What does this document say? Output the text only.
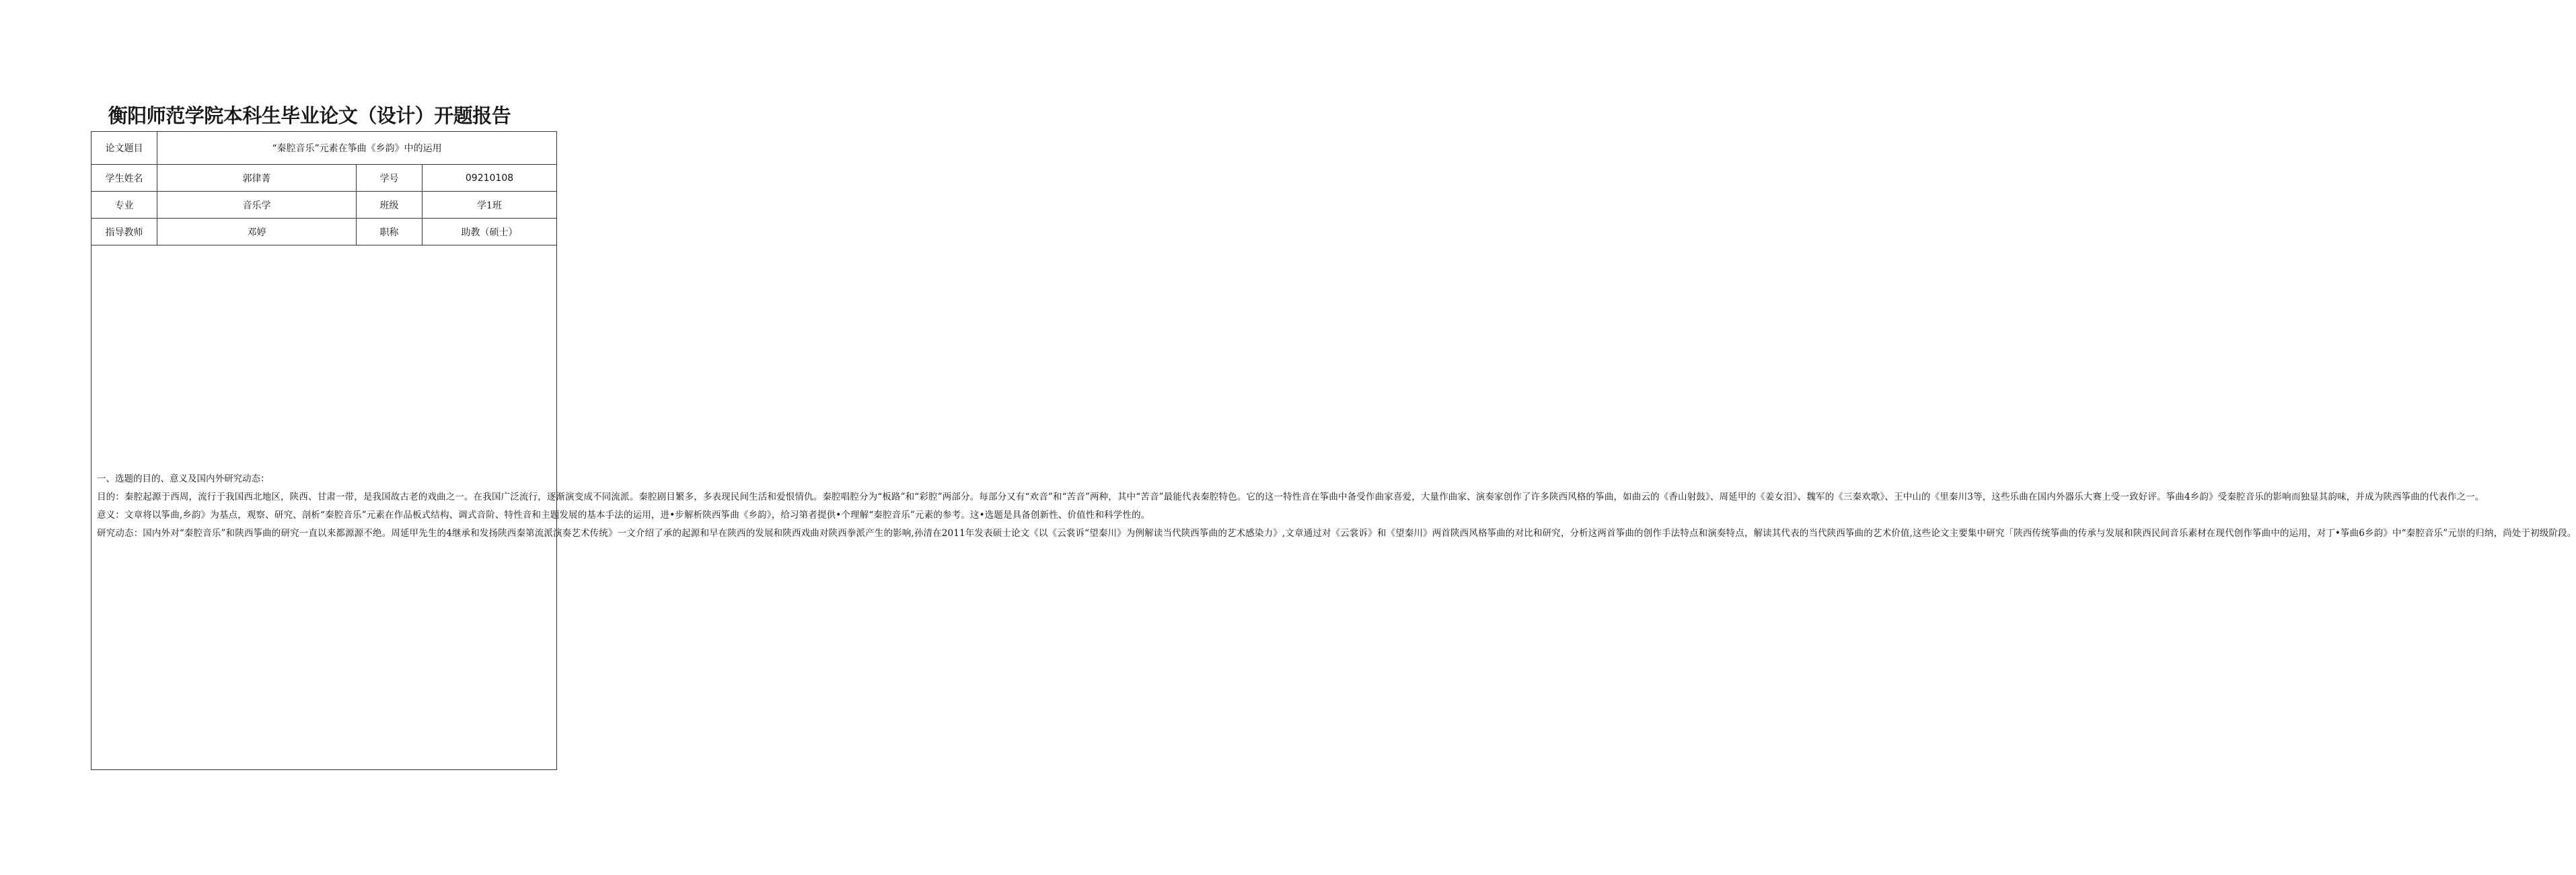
衡阳师范学院本科生毕业论文（设计）开题报告
论文题目	“秦腔音乐”元素在筝曲《乡韵》中的运用		
学生姓名	郭律菁	学号	09210108
专业	音乐学	班级	学1班
指导教师	邓婷	职称	助教（硕士）

一、选题的目的、意义及国内外研究动态：

目的：秦腔起源于西周，流行于我国西北地区，陕西、甘肃一带，是我国故古老的戏曲之一。在我国广泛流行，逐渐演变成不同流派。秦腔剧目繁多，多表现民间生活和爱恨情仇。秦腔唱腔分为“板路”和“彩腔”两部分。每部分又有“欢音”和“苦音”两种，其中“苦音”最能代表秦腔特色。它的这一特性音在筝曲中备受作曲家喜爱，大量作曲家、演奏家创作了许多陕西风格的筝曲，如曲云的《香山射鼓》、周延甲的《姜女泪》、魏军的《三秦欢歌》、王中山的《里秦川3等，这些乐曲在国内外器乐大赛上受一致好评。筝曲4乡韵》受秦腔音乐的影响而独显其韵味，并成为陕西筝曲的代表作之一。

意义：文章将以筝曲,乡韵》为基点，观察、研究、剖析“秦腔音乐”元素在作品板式结构、调式音阶、特性音和主题发展的基本手法的运用，进•步解析陕西筝曲《乡韵》，给习第者提供•个理解“秦腔音乐”元素的参考。这•选题是具备创新性、价值性和科学性的。

研究动态：国内外对“秦腔音乐”和陕西筝曲的研究一直以来都源源不绝。周延甲先生的4继承和发扬陕西秦第流派演奏艺术传统》一文介绍了承的起源和早在陕西的发展和陕西戏曲对陕西拳派产生的影响,孙清在2011年发表硕士论文《以《云裳诉“望秦川》为例解读当代陕西筝曲的艺术感染力》,文章通过对《云裳诉》和《望秦川》两首陕西风格筝曲的对比和研究，分析这两首筝曲的创作手法特点和演奏特点，解读其代表的当代陕西筝曲的艺术价值,这些论文主要集中研究「陕西传统筝曲的传承与发展和陕西民间音乐素材在现代创作筝曲中的运用，对丁•筝曲6乡韵》中“秦腔音乐”元崇的归纳，尚处于初级阶段。			
